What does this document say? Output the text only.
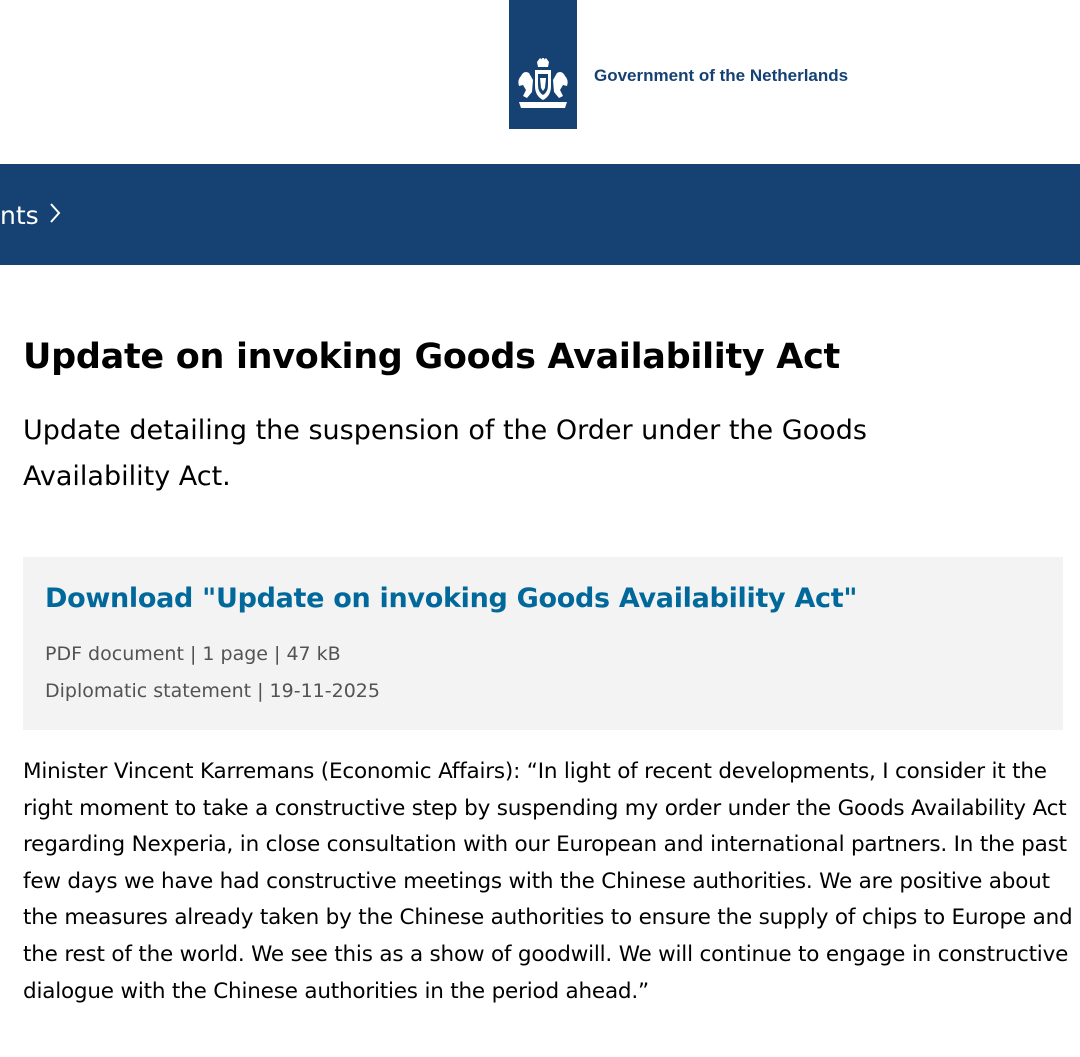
Government of the Netherlands
nts
Update on invoking Goods Availability Act

Update detailing the suspension of the Order under the Goods Availability Act.

Download "Update on invoking Goods Availability Act"
PDF document | 1 page | 47 kB
Diplomatic statement | 19-11-2025

Minister Vincent Karremans (Economic Affairs): “In light of recent developments, I consider it the right moment to take a constructive step by suspending my order under the Goods Availability Act regarding Nexperia, in close consultation with our European and international partners. In the past few days we have had constructive meetings with the Chinese authorities. We are positive about the measures already taken by the Chinese authorities to ensure the supply of chips to Europe and the rest of the world. We see this as a show of goodwill. We will continue to engage in constructive dialogue with the Chinese authorities in the period ahead.”
